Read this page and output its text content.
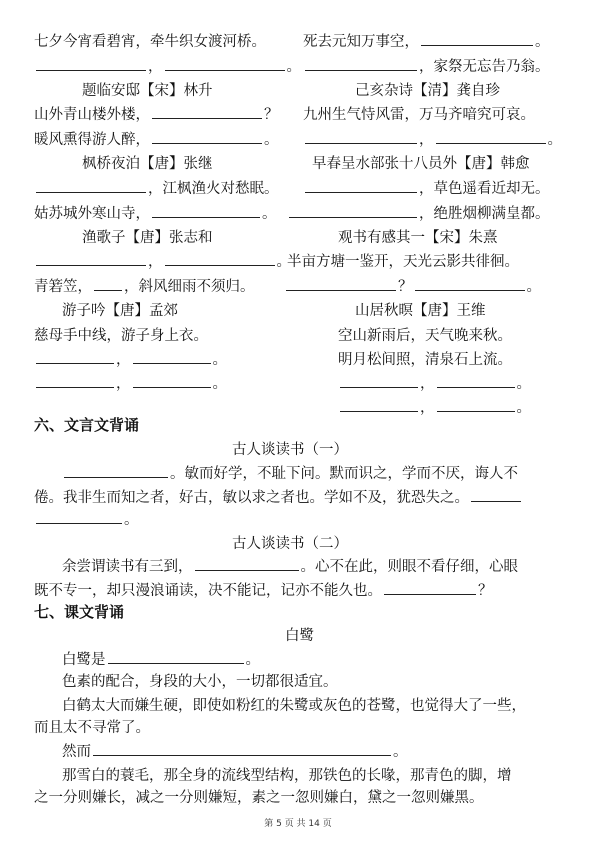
七夕今宵看碧宵，牵牛织女渡河桥。	死去元知万事空，	。
，	。	，家祭无忘告乃翁。
题临安邸【宋】林升	己亥杂诗【清】龚自珍
山外青山楼外楼，	？ 九州生气恃风雷，万马齐喑究可哀。
暖风熏得游人醉，	。	，	。
枫桥夜泊【唐】张继	早春呈水部张十八员外【唐】韩愈
，江枫渔火对愁眠。	，草色遥看近却无。
姑苏城外寒山寺，	。	，绝胜烟柳满皇都。
渔歌子【唐】张志和	观书有感其一【宋】朱熹
，	。
半亩方塘一鉴开，天光云影共徘徊。
青箬笠， ，斜风细雨不须归。	？	。
游子吟【唐】孟郊	山居秋暝【唐】王维
慈母手中线，游子身上衣。	空山新雨后，天气晚来秋。
，	。	明月松间照，清泉石上流。
，	。	，	。
，	。
六、文言文背诵
古人谈读书（一）
。敏而好学，不耻下问。默而识之，学而不厌，诲人不
倦。我非生而知之者，好古，敏以求之者也。学如不及，犹恐失之。
。
古人谈读书（二）
余尝谓读书有三到，	。心不在此，则眼不看仔细，心眼
既不专一，却只漫浪诵读，决不能记，记亦不能久也。	？
七、课文背诵
白鹭
白鹭是	。
色素的配合，身段的大小，一切都很适宜。
白鹤太大而嫌生硬，即使如粉红的朱鹭或灰色的苍鹭，也觉得大了一些，
而且太不寻常了。
然而	。
那雪白的蓑毛，那全身的流线型结构，那铁色的长喙，那青色的脚，增
之一分则嫌长，减之一分则嫌短，素之一忽则嫌白，黛之一忽则嫌黑。
第 5 页 共 14 页
